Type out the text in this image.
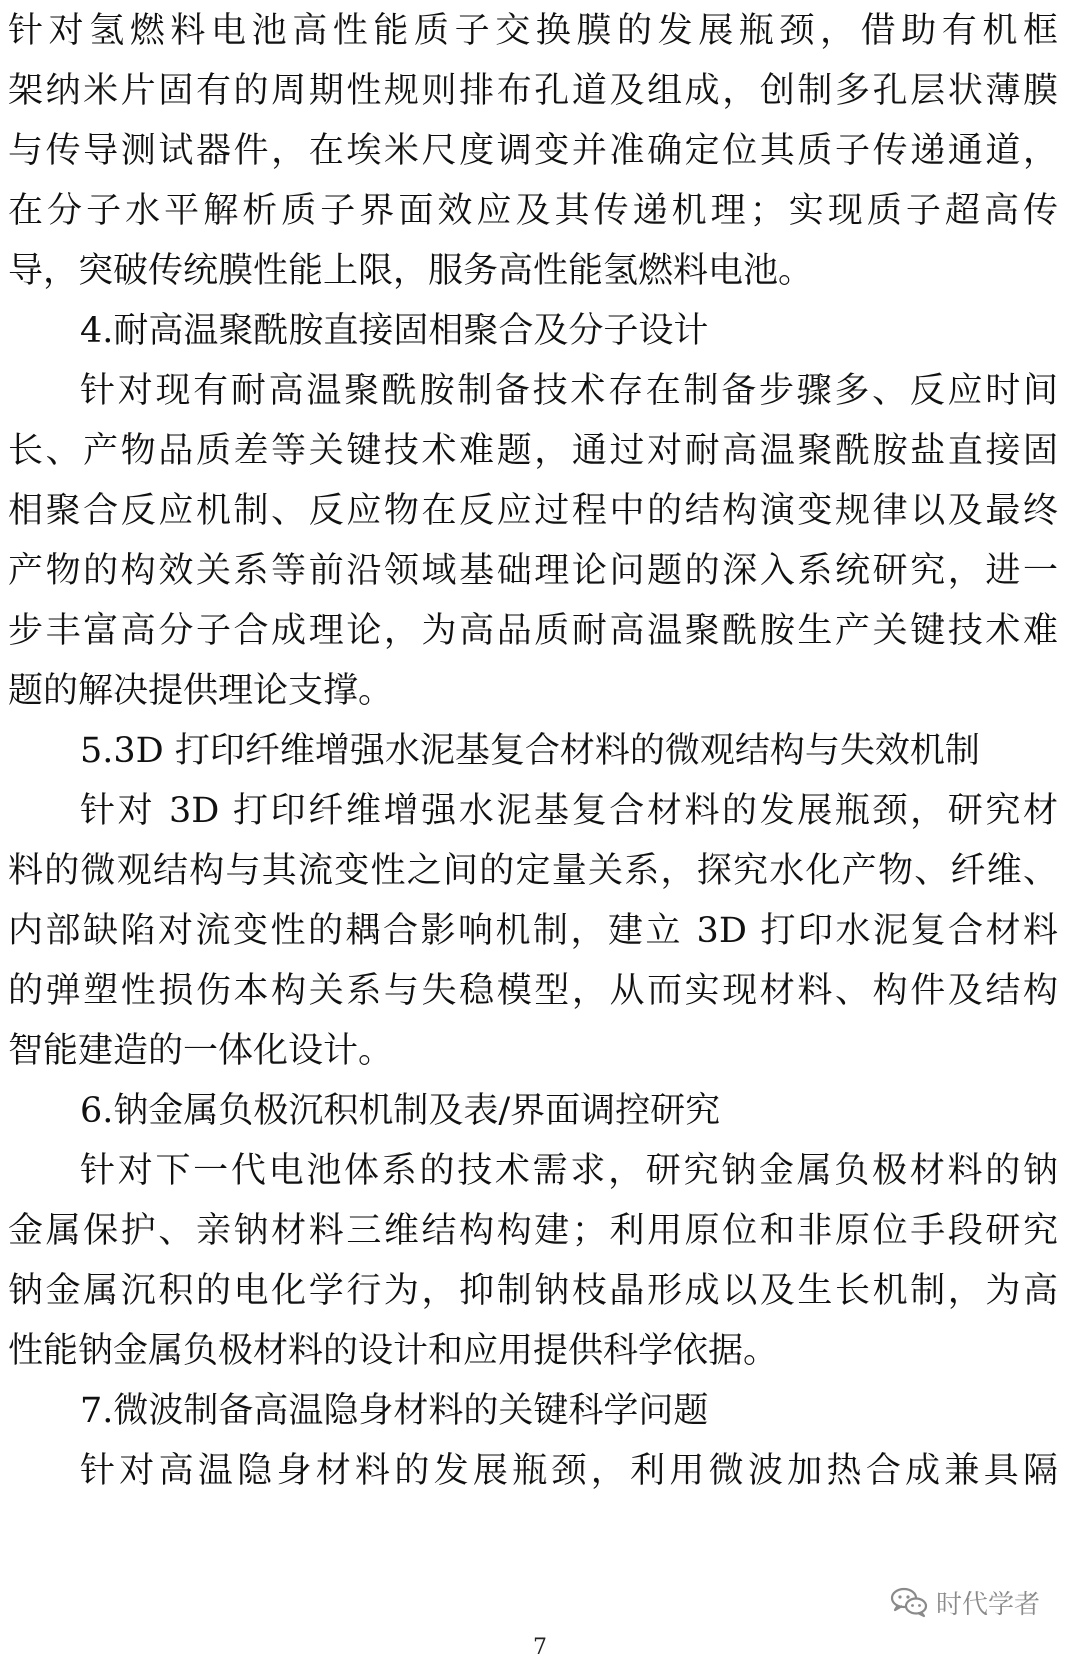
针对氢燃料电池高性能质子交换膜的发展瓶颈，借助有机框
架纳米片固有的周期性规则排布孔道及组成，创制多孔层状薄膜
与传导测试器件，在埃米尺度调变并准确定位其质子传递通道，
在分子水平解析质子界面效应及其传递机理；实现质子超高传
导，突破传统膜性能上限，服务高性能氢燃料电池。
4.耐高温聚酰胺直接固相聚合及分子设计
针对现有耐高温聚酰胺制备技术存在制备步骤多、反应时间
长、产物品质差等关键技术难题，通过对耐高温聚酰胺盐直接固
相聚合反应机制、反应物在反应过程中的结构演变规律以及最终
产物的构效关系等前沿领域基础理论问题的深入系统研究，进一
步丰富高分子合成理论，为高品质耐高温聚酰胺生产关键技术难
题的解决提供理论支撑。
5.3D 打印纤维增强水泥基复合材料的微观结构与失效机制
针对 3D 打印纤维增强水泥基复合材料的发展瓶颈，研究材
料的微观结构与其流变性之间的定量关系，探究水化产物、纤维、
内部缺陷对流变性的耦合影响机制，建立 3D 打印水泥复合材料
的弹塑性损伤本构关系与失稳模型，从而实现材料、构件及结构
智能建造的一体化设计。
6.钠金属负极沉积机制及表/界面调控研究
针对下一代电池体系的技术需求，研究钠金属负极材料的钠
金属保护、亲钠材料三维结构构建；利用原位和非原位手段研究
钠金属沉积的电化学行为，抑制钠枝晶形成以及生长机制，为高
性能钠金属负极材料的设计和应用提供科学依据。
7.微波制备高温隐身材料的关键科学问题
针对高温隐身材料的发展瓶颈，利用微波加热合成兼具隔
时代学者
7
